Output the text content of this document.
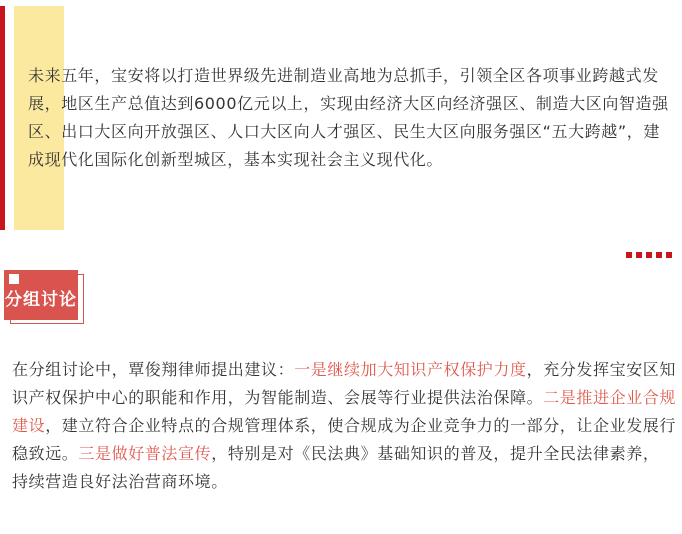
未来五年，宝安将以打造世界级先进制造业高地为总抓手，引领全区各项事业跨越式发展，地区生产总值达到6000亿元以上，实现由经济大区向经济强区、制造大区向智造强区、出口大区向开放强区、人口大区向人才强区、民生大区向服务强区“五大跨越”，建成现代化国际化创新型城区，基本实现社会主义现代化。
分组讨论
在分组讨论中，覃俊翔律师提出建议：一是继续加大知识产权保护力度，充分发挥宝安区知识产权保护中心的职能和作用，为智能制造、会展等行业提供法治保障。二是推进企业合规建设，建立符合企业特点的合规管理体系，使合规成为企业竞争力的一部分，让企业发展行稳致远。三是做好普法宣传，特别是对《民法典》基础知识的普及，提升全民法律素养，持续营造良好法治营商环境。
